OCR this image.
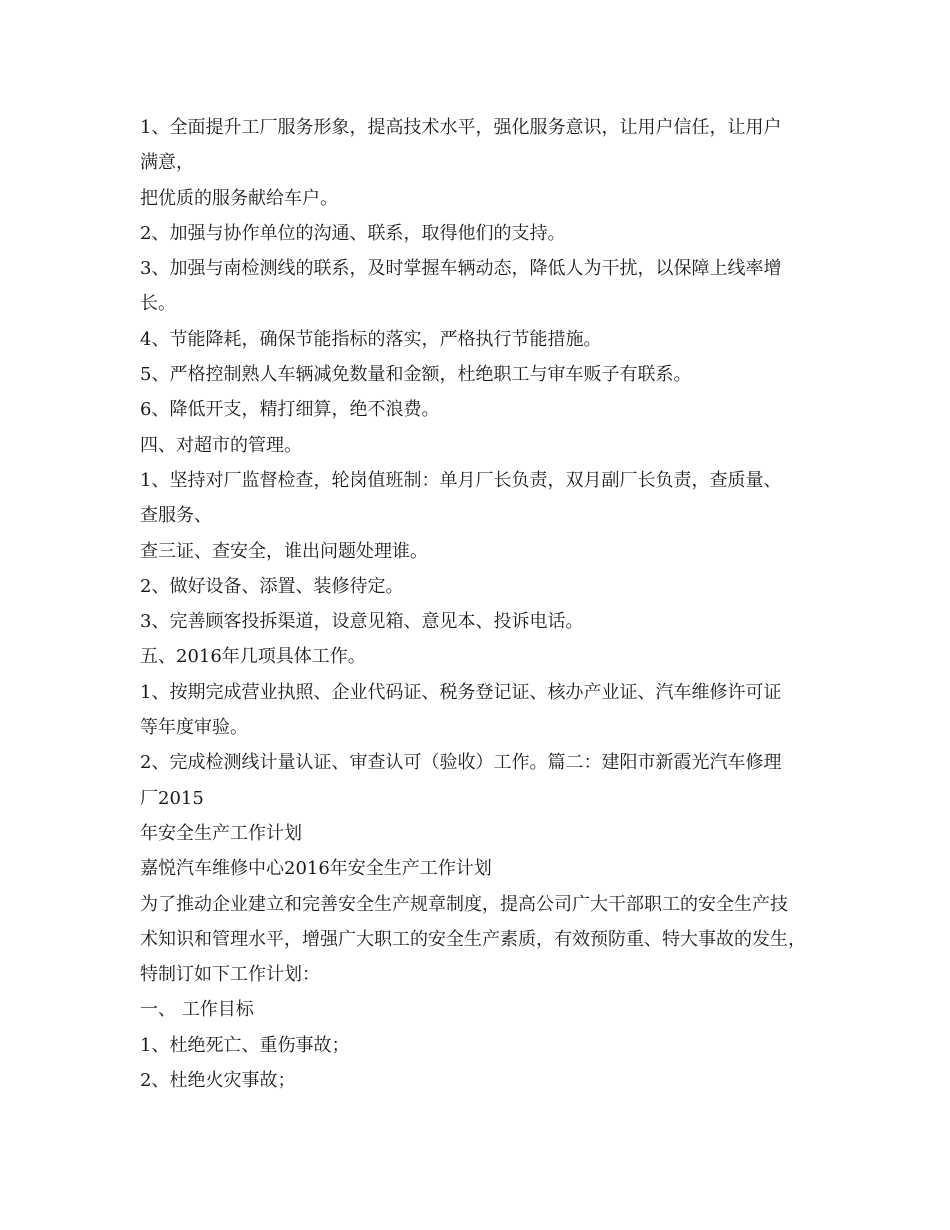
1、全面提升工厂服务形象，提高技术水平，强化服务意识，让用户信任，让用户
满意，
把优质的服务献给车户。
2、加强与协作单位的沟通、联系，取得他们的支持。
3、加强与南检测线的联系，及时掌握车辆动态，降低人为干扰，以保障上线率增
长。
4、节能降耗，确保节能指标的落实，严格执行节能措施。
5、严格控制熟人车辆减免数量和金额，杜绝职工与审车贩子有联系。
6、降低开支，精打细算，绝不浪费。
四、对超市的管理。
1、坚持对厂监督检查，轮岗值班制：单月厂长负责，双月副厂长负责，查质量、
查服务、
查三证、查安全，谁出问题处理谁。
2、做好设备、添置、装修待定。
3、完善顾客投拆渠道，设意见箱、意见本、投诉电话。
五、2016年几项具体工作。
1、按期完成营业执照、企业代码证、税务登记证、核办产业证、汽车维修许可证
等年度审验。
2、完成检测线计量认证、审查认可（验收）工作。篇二：建阳市新霞光汽车修理
厂2015
年安全生产工作计划
嘉悦汽车维修中心2016年安全生产工作计划
为了推动企业建立和完善安全生产规章制度，提高公司广大干部职工的安全生产技
术知识和管理水平，增强广大职工的安全生产素质，有效预防重、特大事故的发生，
特制订如下工作计划：
一、 工作目标
1、杜绝死亡、重伤事故；
2、杜绝火灾事故；
